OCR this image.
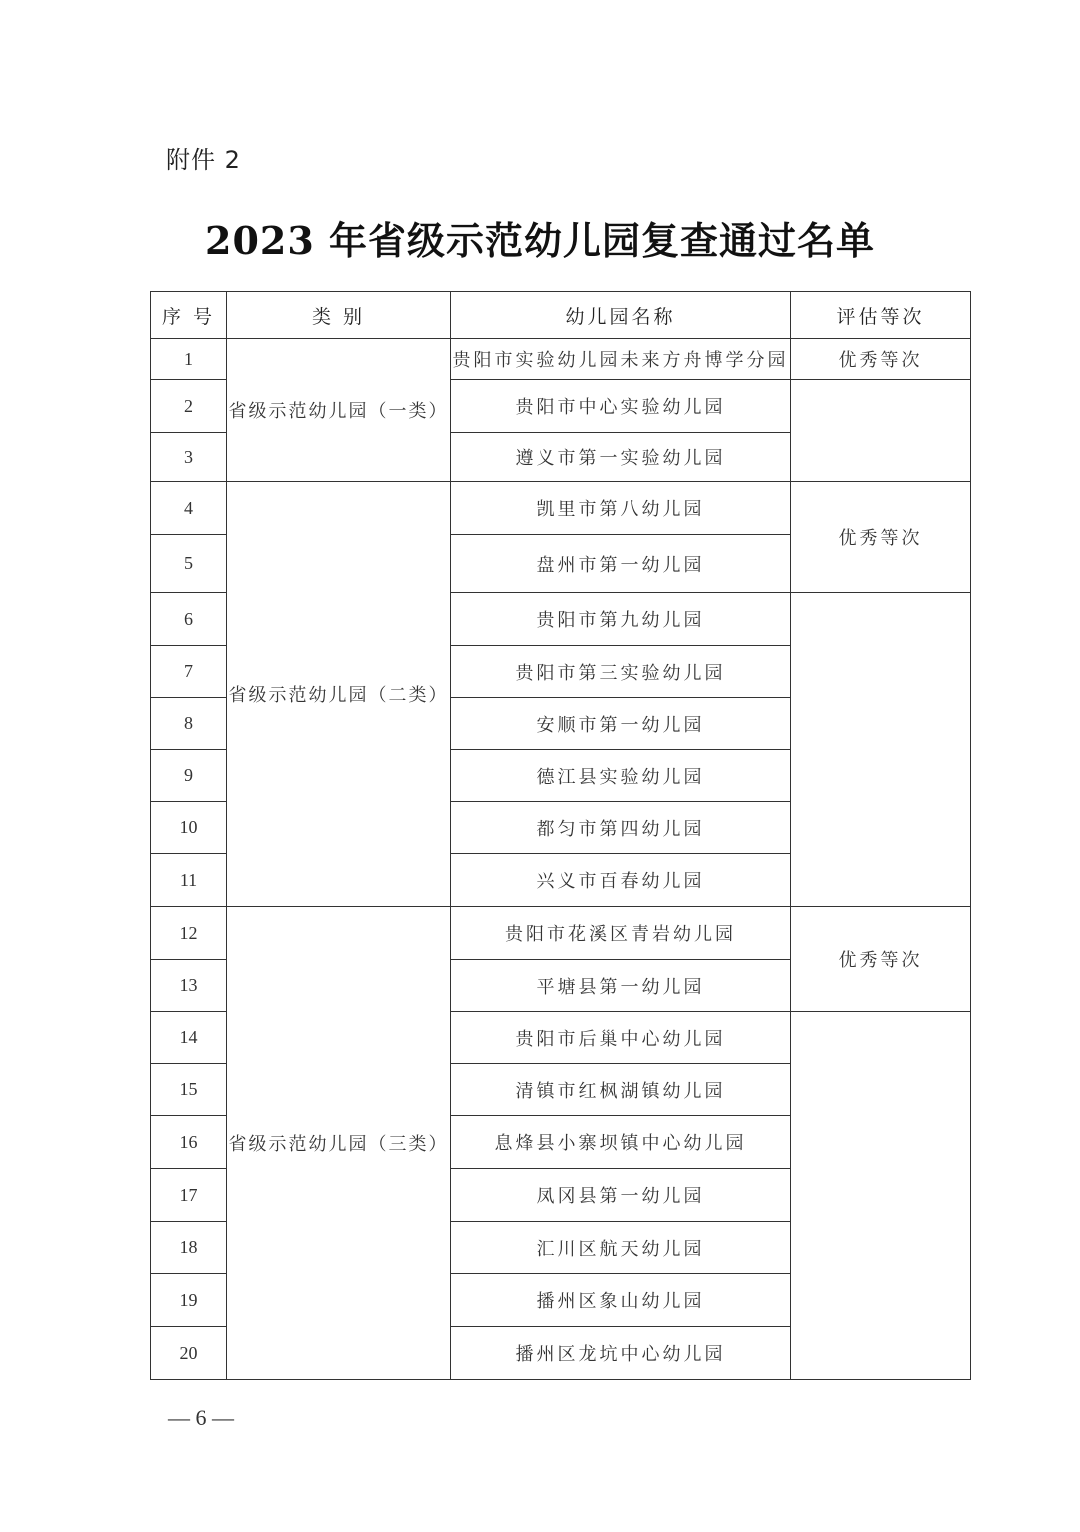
附件 2
2023 年省级示范幼儿园复查通过名单
序 号	类 别	幼儿园名称	评估等次
1	省级示范幼儿园（一类）	贵阳市实验幼儿园未来方舟博学分园	优秀等次
2		贵阳市中心实验幼儿园	
3		遵义市第一实验幼儿园	
4	省级示范幼儿园（二类）	凯里市第八幼儿园	优秀等次
5		盘州市第一幼儿园	
6		贵阳市第九幼儿园	
7		贵阳市第三实验幼儿园	
8		安顺市第一幼儿园	
9		德江县实验幼儿园	
10		都匀市第四幼儿园	
11		兴义市百春幼儿园	
12	省级示范幼儿园（三类）	贵阳市花溪区青岩幼儿园	优秀等次
13		平塘县第一幼儿园	
14		贵阳市后巢中心幼儿园	
15		清镇市红枫湖镇幼儿园	
16		息烽县小寨坝镇中心幼儿园	
17		凤冈县第一幼儿园	
18		汇川区航天幼儿园	
19		播州区象山幼儿园	
20		播州区龙坑中心幼儿园	
— 6 —
